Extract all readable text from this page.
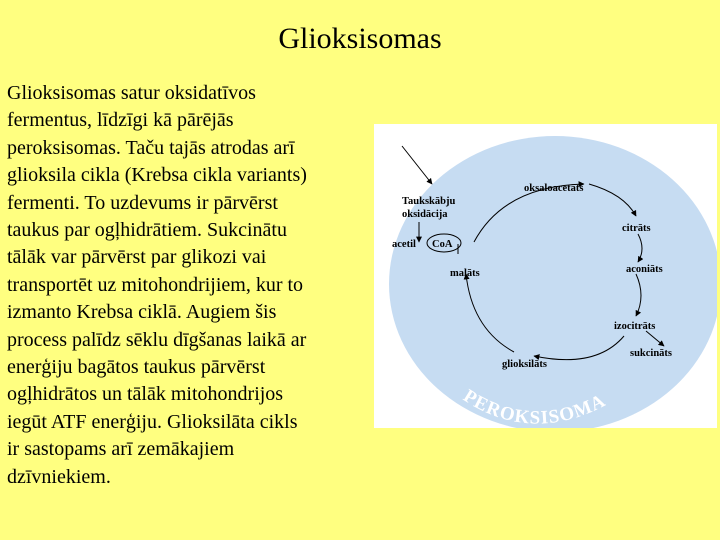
Glioksisomas
Glioksisomas satur oksidatīvos
fermentus, līdzīgi kā pārējās
peroksisomas. Taču tajās atrodas arī
glioksila cikla (Krebsa cikla variants)
fermenti. To uzdevums ir pārvērst
taukus par ogļhidrātiem. Sukcinātu
tālāk var pārvērst par glikozi vai
transportēt uz mitohondrijiem, kur to
izmanto Krebsa ciklā. Augiem šis
process palīdz sēklu dīgšanas laikā ar
enerģiju bagātos taukus pārvērst
ogļhidrātos un tālāk mitohondrijos
iegūt ATF enerģiju. Glioksilāta cikls
ir sastopams arī zemākajiem
dzīvniekiem.
Taukskābju
oksidācija
acetil CoA
oksaloacetāts
citrāts
malāts	aconiāts
izocitrāts
sukcināts
glioksilāts
PEROKSISOMA
